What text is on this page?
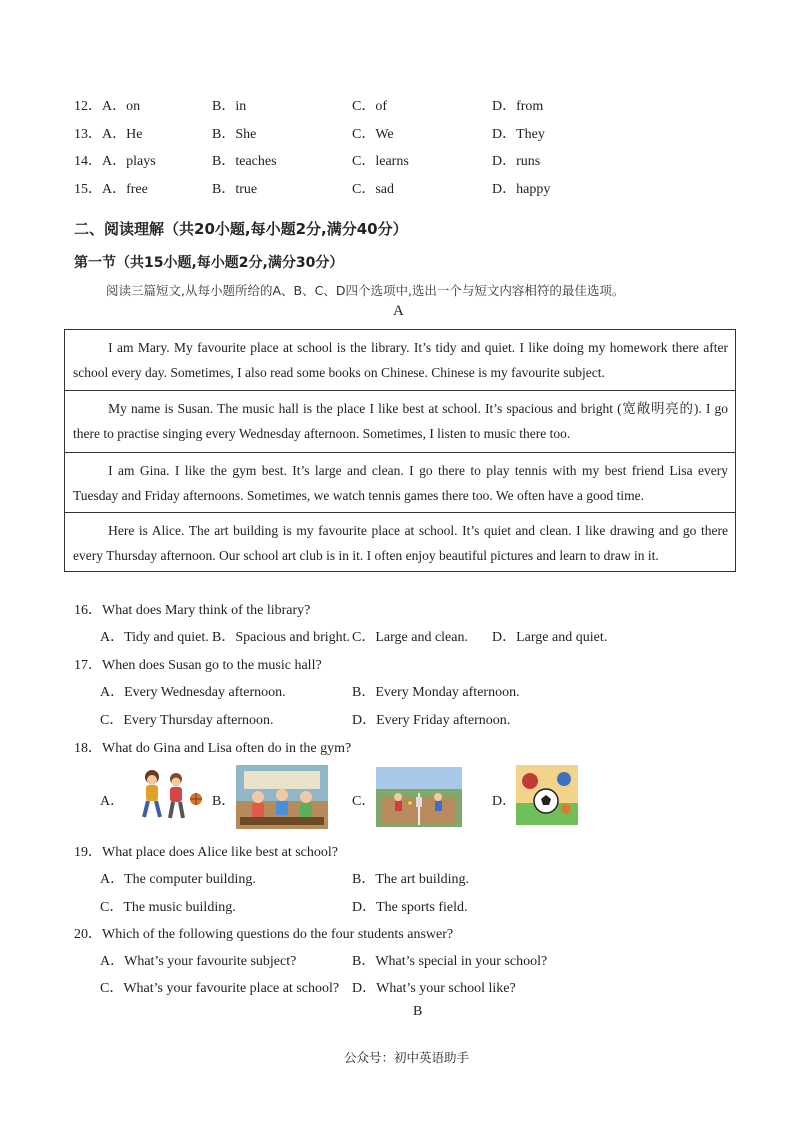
12．A．on	B．in	C．of	D．from
13．A．He	B．She	C．We	D．They
14．A．plays	B．teaches	C．learns	D．runs
15．A．free	B．true	C．sad	D．happy
二、阅读理解（共20小题,每小题2分,满分40分）
第一节（共15小题,每小题2分,满分30分）
阅读三篇短文,从每小题所给的A、B、C、D四个选项中,选出一个与短文内容相符的最佳选项。
A
I am Mary. My favourite place at school is the library. It’s tidy and quiet. I like doing my homework there after school every day. Sometimes, I also read some books on Chinese. Chinese is my favourite subject.
My name is Susan. The music hall is the place I like best at school. It’s spacious and bright (宽敞明亮的). I go there to practise singing every Wednesday afternoon. Sometimes, I listen to music there too.
I am Gina. I like the gym best. It’s large and clean. I go there to play tennis with my best friend Lisa every Tuesday and Friday afternoons. Sometimes, we watch tennis games there too. We often have a good time.
Here is Alice. The art building is my favourite place at school. It’s quiet and clean. I like drawing and go there every Thursday afternoon. Our school art club is in it. I often enjoy beautiful pictures and learn to draw in it.
16．What does Mary think of the library?
A．Tidy and quiet. B．Spacious and bright. C．Large and clean. D．Large and quiet.
17．When does Susan go to the music hall?
A．Every Wednesday afternoon.	B．Every Monday afternoon.
C．Every Thursday afternoon.	D．Every Friday afternoon.
18．What do Gina and Lisa often do in the gym?
A．	B．	C．	D．
19．What place does Alice like best at school?
A．The computer building.	B．The art building.
C．The music building.	D．The sports field.
20．Which of the following questions do the four students answer?
A．What’s your favourite subject?	B．What’s special in your school?
C．What’s your favourite place at school? D．What’s your school like?
B
公众号：初中英语助手
